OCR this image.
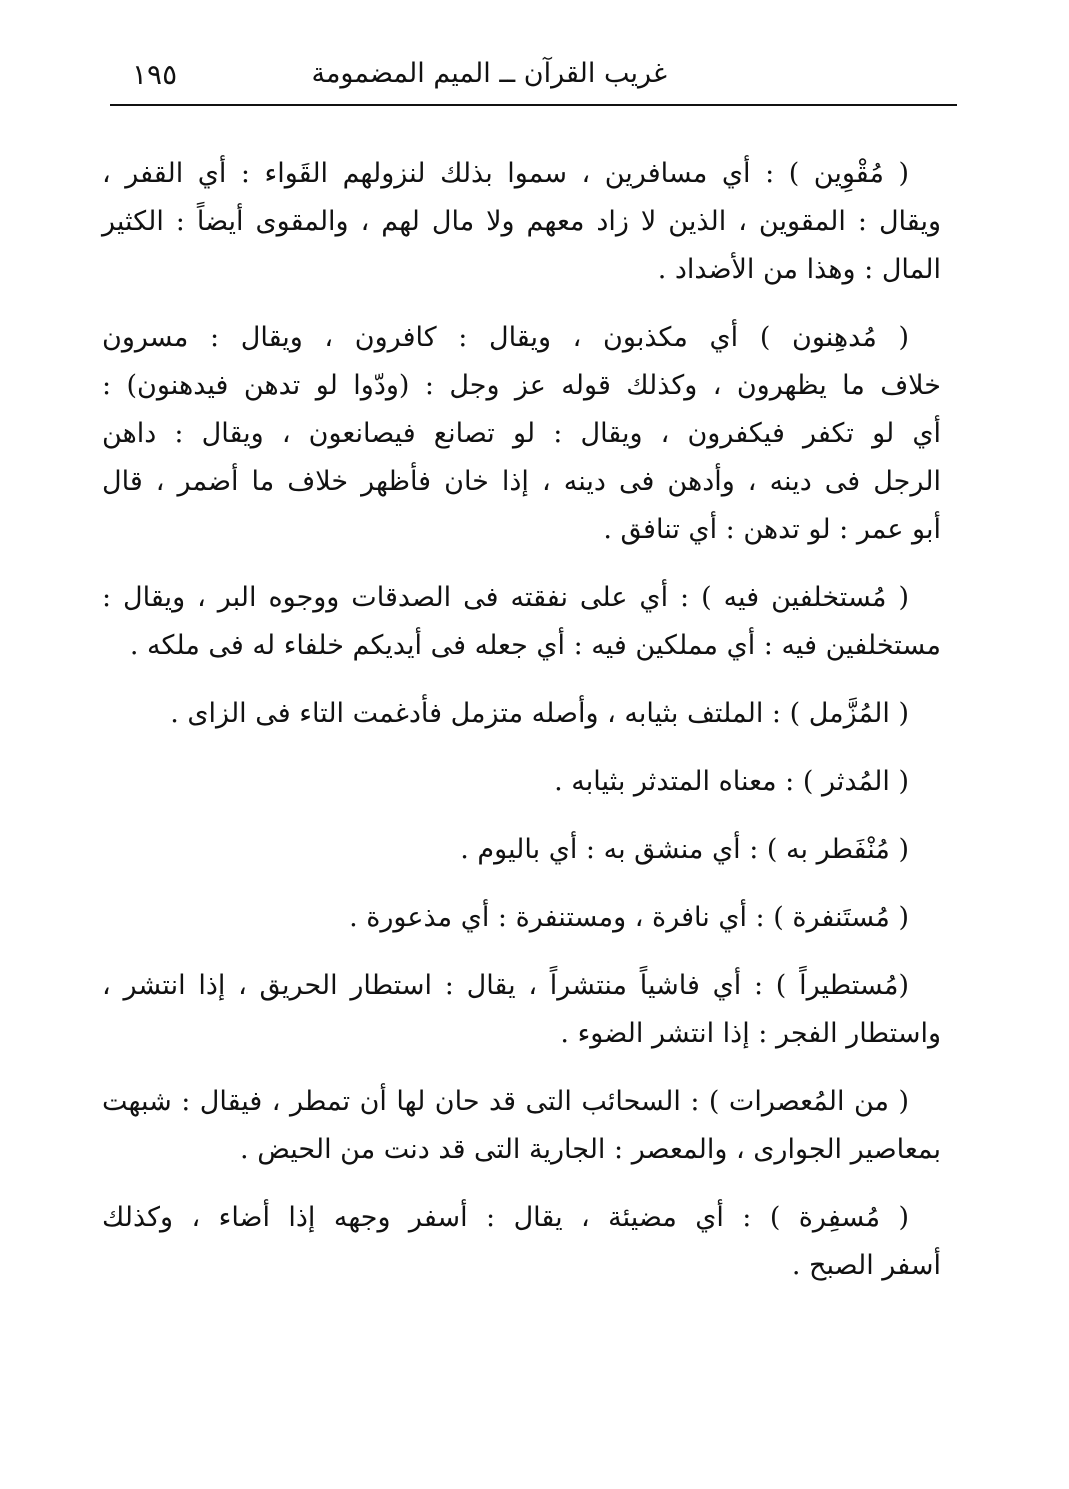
غريب القرآن ــ الميم المضمومة
١٩٥
( مُقْوِين ) : أي مسافرين ، سموا بذلك لنزولهم القَواء : أي القفر ،
ويقال : المقوين ، الذين لا زاد معهم ولا مال لهم ، والمقوى أيضاً : الكثير
المال : وهذا من الأضداد .
( مُدهِنون ) أي مكذبون ، ويقال : كافرون ، ويقال : مسرون
خلاف ما يظهرون ، وكذلك قوله عز وجل : (ودّوا لو تدهن فيدهنون) :
أي لو تكفر فيكفرون ، ويقال : لو تصانع فيصانعون ، ويقال : داهن
الرجل فى دينه ، وأدهن فى دينه ، إذا خان فأظهر خلاف ما أضمر ، قال
أبو عمر : لو تدهن : أي تنافق .
( مُستخلفين فيه ) : أي على نفقته فى الصدقات ووجوه البر ، ويقال :
مستخلفين فيه : أي مملكين فيه : أي جعله فى أيديكم خلفاء له فى ملكه .
( المُزَّمل ) : الملتف بثيابه ، وأصله متزمل فأدغمت التاء فى الزاى .
( المُدثر ) : معناه المتدثر بثيابه .
( مُنْفَطر به ) : أي منشق به : أي باليوم .
( مُستَنفرة ) : أي نافرة ، ومستنفرة : أي مذعورة .
(مُستطيراً ) : أي فاشياً منتشراً ، يقال : استطار الحريق ، إذا انتشر ،
واستطار الفجر : إذا انتشر الضوء .
( من المُعصرات ) : السحائب التى قد حان لها أن تمطر ، فيقال : شبهت
بمعاصير الجوارى ، والمعصر : الجارية التى قد دنت من الحيض .
( مُسفِرة ) : أي مضيئة ، يقال : أسفر وجهه إذا أضاء ، وكذلك
أسفر الصبح .
